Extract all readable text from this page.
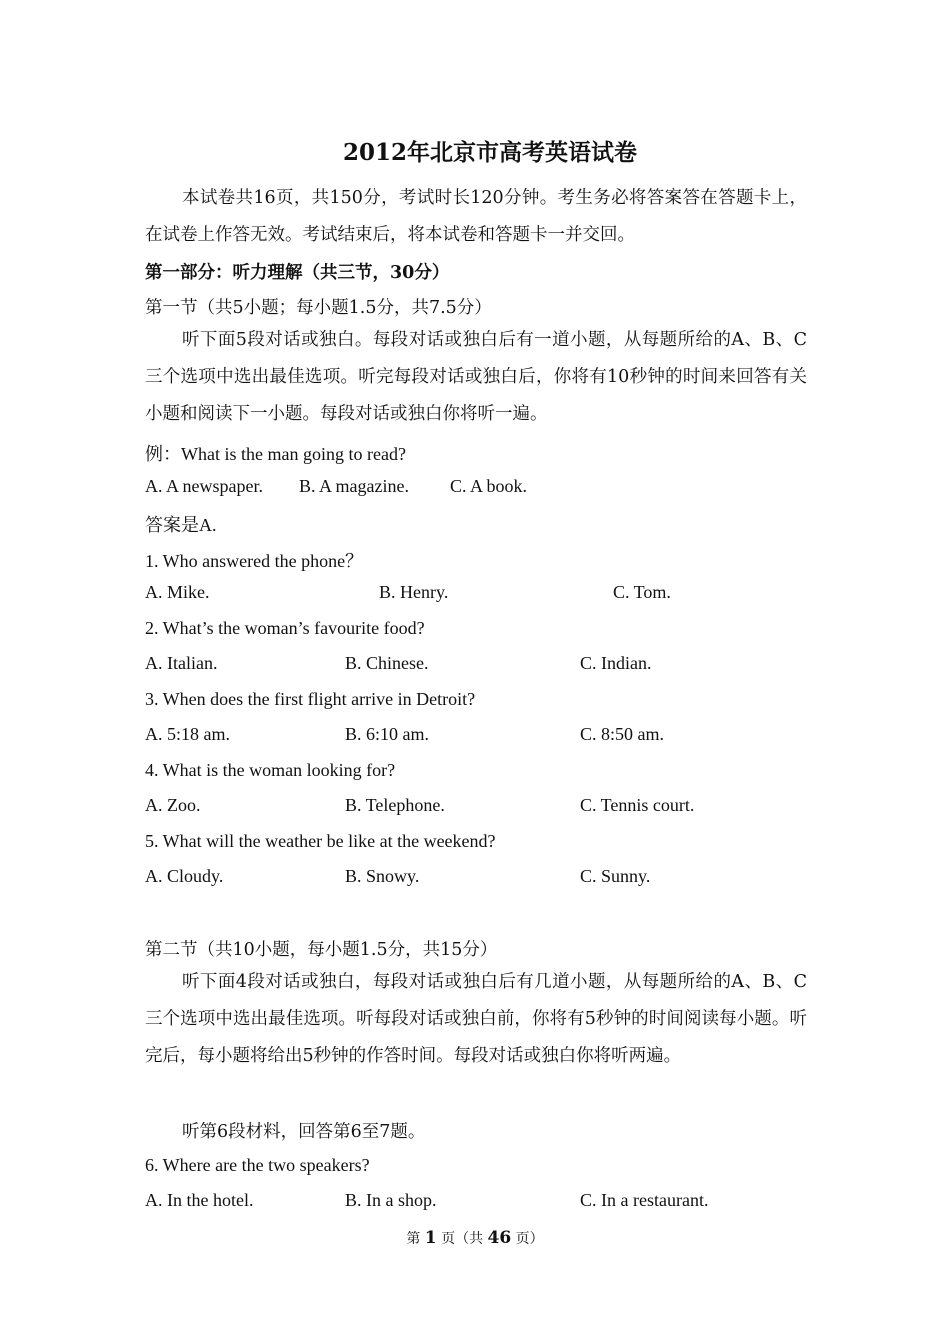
2012年北京市高考英语试卷
本试卷共16页，共150分，考试时长120分钟。考生务必将答案答在答题卡上，在试卷上作答无效。考试结束后，将本试卷和答题卡一并交回。
第一部分：听力理解（共三节，30分）
第一节（共5小题；每小题1.5分，共7.5分）
听下面5段对话或独白。每段对话或独白后有一道小题，从每题所给的A、B、C三个选项中选出最佳选项。听完每段对话或独白后，你将有10秒钟的时间来回答有关小题和阅读下一小题。每段对话或独白你将听一遍。
例：What is the man going to read?
A. A newspaper. B. A magazine. C. A book.
答案是A.
1. Who answered the phone？
A. Mike.	B. Henry.	C. Tom.
2. What’s the woman’s favourite food?
A. Italian.	B. Chinese.	C. Indian.
3. When does the first flight arrive in Detroit?
A. 5:18 am.	B. 6:10 am.	C. 8:50 am.
4. What is the woman looking for?
A. Zoo.	B. Telephone.	C. Tennis court.
5. What will the weather be like at the weekend?
A. Cloudy.	B. Snowy.	C. Sunny.
第二节（共10小题，每小题1.5分，共15分）
听下面4段对话或独白，每段对话或独白后有几道小题，从每题所给的A、B、C三个选项中选出最佳选项。听每段对话或独白前，你将有5秒钟的时间阅读每小题。听完后，每小题将给出5秒钟的作答时间。每段对话或独白你将听两遍。
听第6段材料，回答第6至7题。
6. Where are the two speakers?
A. In the hotel.	B. In a shop.	C. In a restaurant.
第 1 页（共 46 页）
